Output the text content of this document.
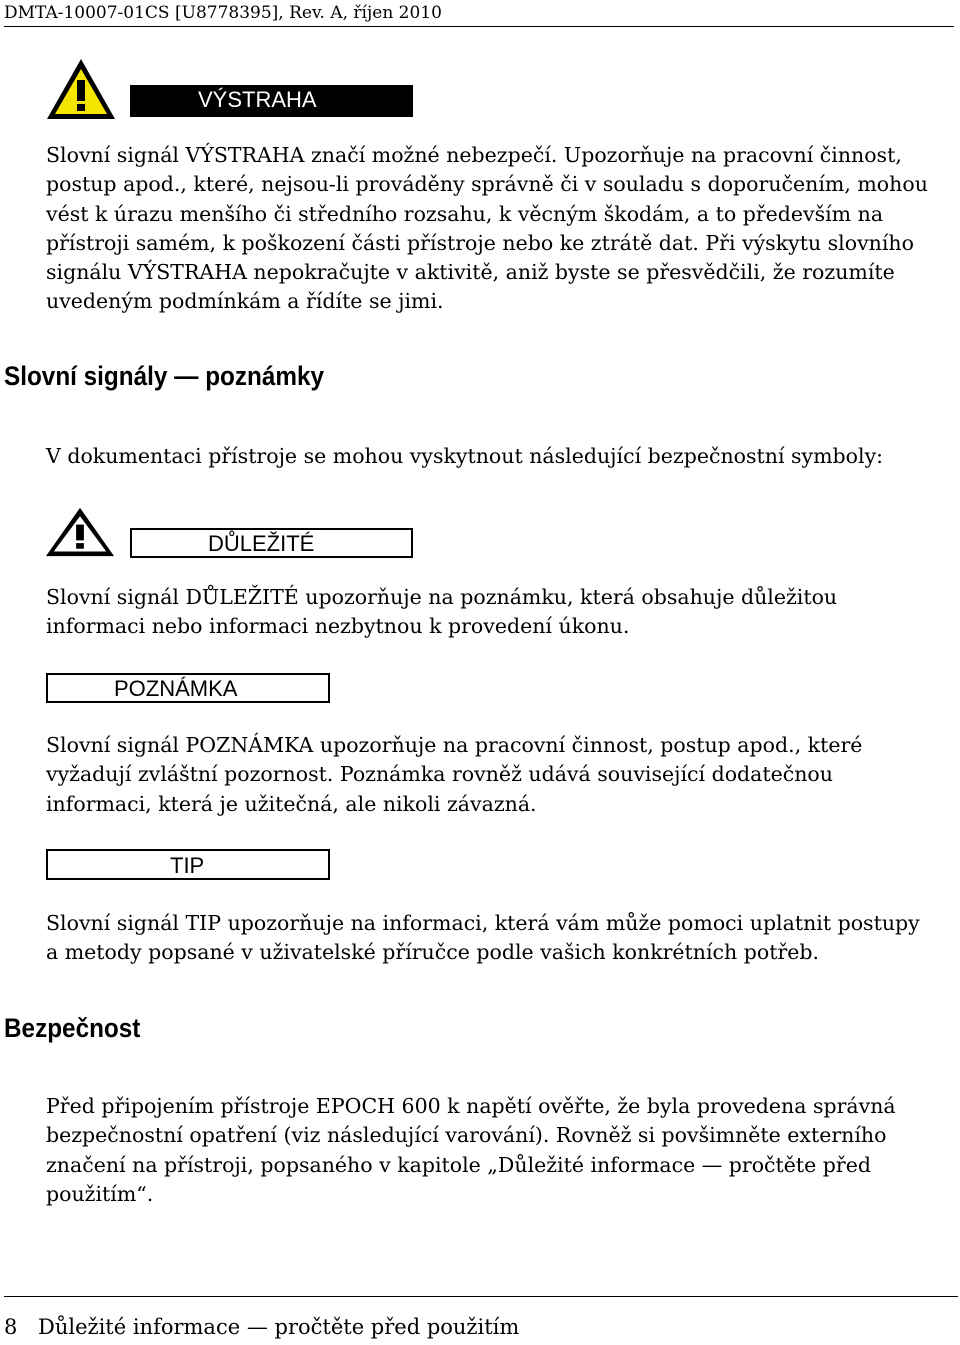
DMTA-10007-01CS [U8778395], Rev. A, říjen 2010
VÝSTRAHA
Slovní signál VÝSTRAHA značí možné nebezpečí. Upozorňuje na pracovní činnost,
postup apod., které, nejsou-li prováděny správně či v souladu s doporučením, mohou
vést k úrazu menšího či středního rozsahu, k věcným škodám, a to především na
přístroji samém, k poškození části přístroje nebo ke ztrátě dat. Při výskytu slovního
signálu VÝSTRAHA nepokračujte v aktivitě, aniž byste se přesvědčili, že rozumíte
uvedeným podmínkám a řídíte se jimi.
Slovní signály — poznámky
V dokumentaci přístroje se mohou vyskytnout následující bezpečnostní symboly:
DŮLEŽITÉ
Slovní signál DŮLEŽITÉ upozorňuje na poznámku, která obsahuje důležitou
informaci nebo informaci nezbytnou k provedení úkonu.
POZNÁMKA
Slovní signál POZNÁMKA upozorňuje na pracovní činnost, postup apod., které
vyžadují zvláštní pozornost. Poznámka rovněž udává související dodatečnou
informaci, která je užitečná, ale nikoli závazná.
TIP
Slovní signál TIP upozorňuje na informaci, která vám může pomoci uplatnit postupy
a metody popsané v uživatelské příručce podle vašich konkrétních potřeb.
Bezpečnost
Před připojením přístroje EPOCH 600 k napětí ověřte, že byla provedena správná
bezpečnostní opatření (viz následující varování). Rovněž si povšimněte externího
značení na přístroji, popsaného v kapitole „Důležité informace — pročtěte před
použitím“.
8 Důležité informace — pročtěte před použitím
